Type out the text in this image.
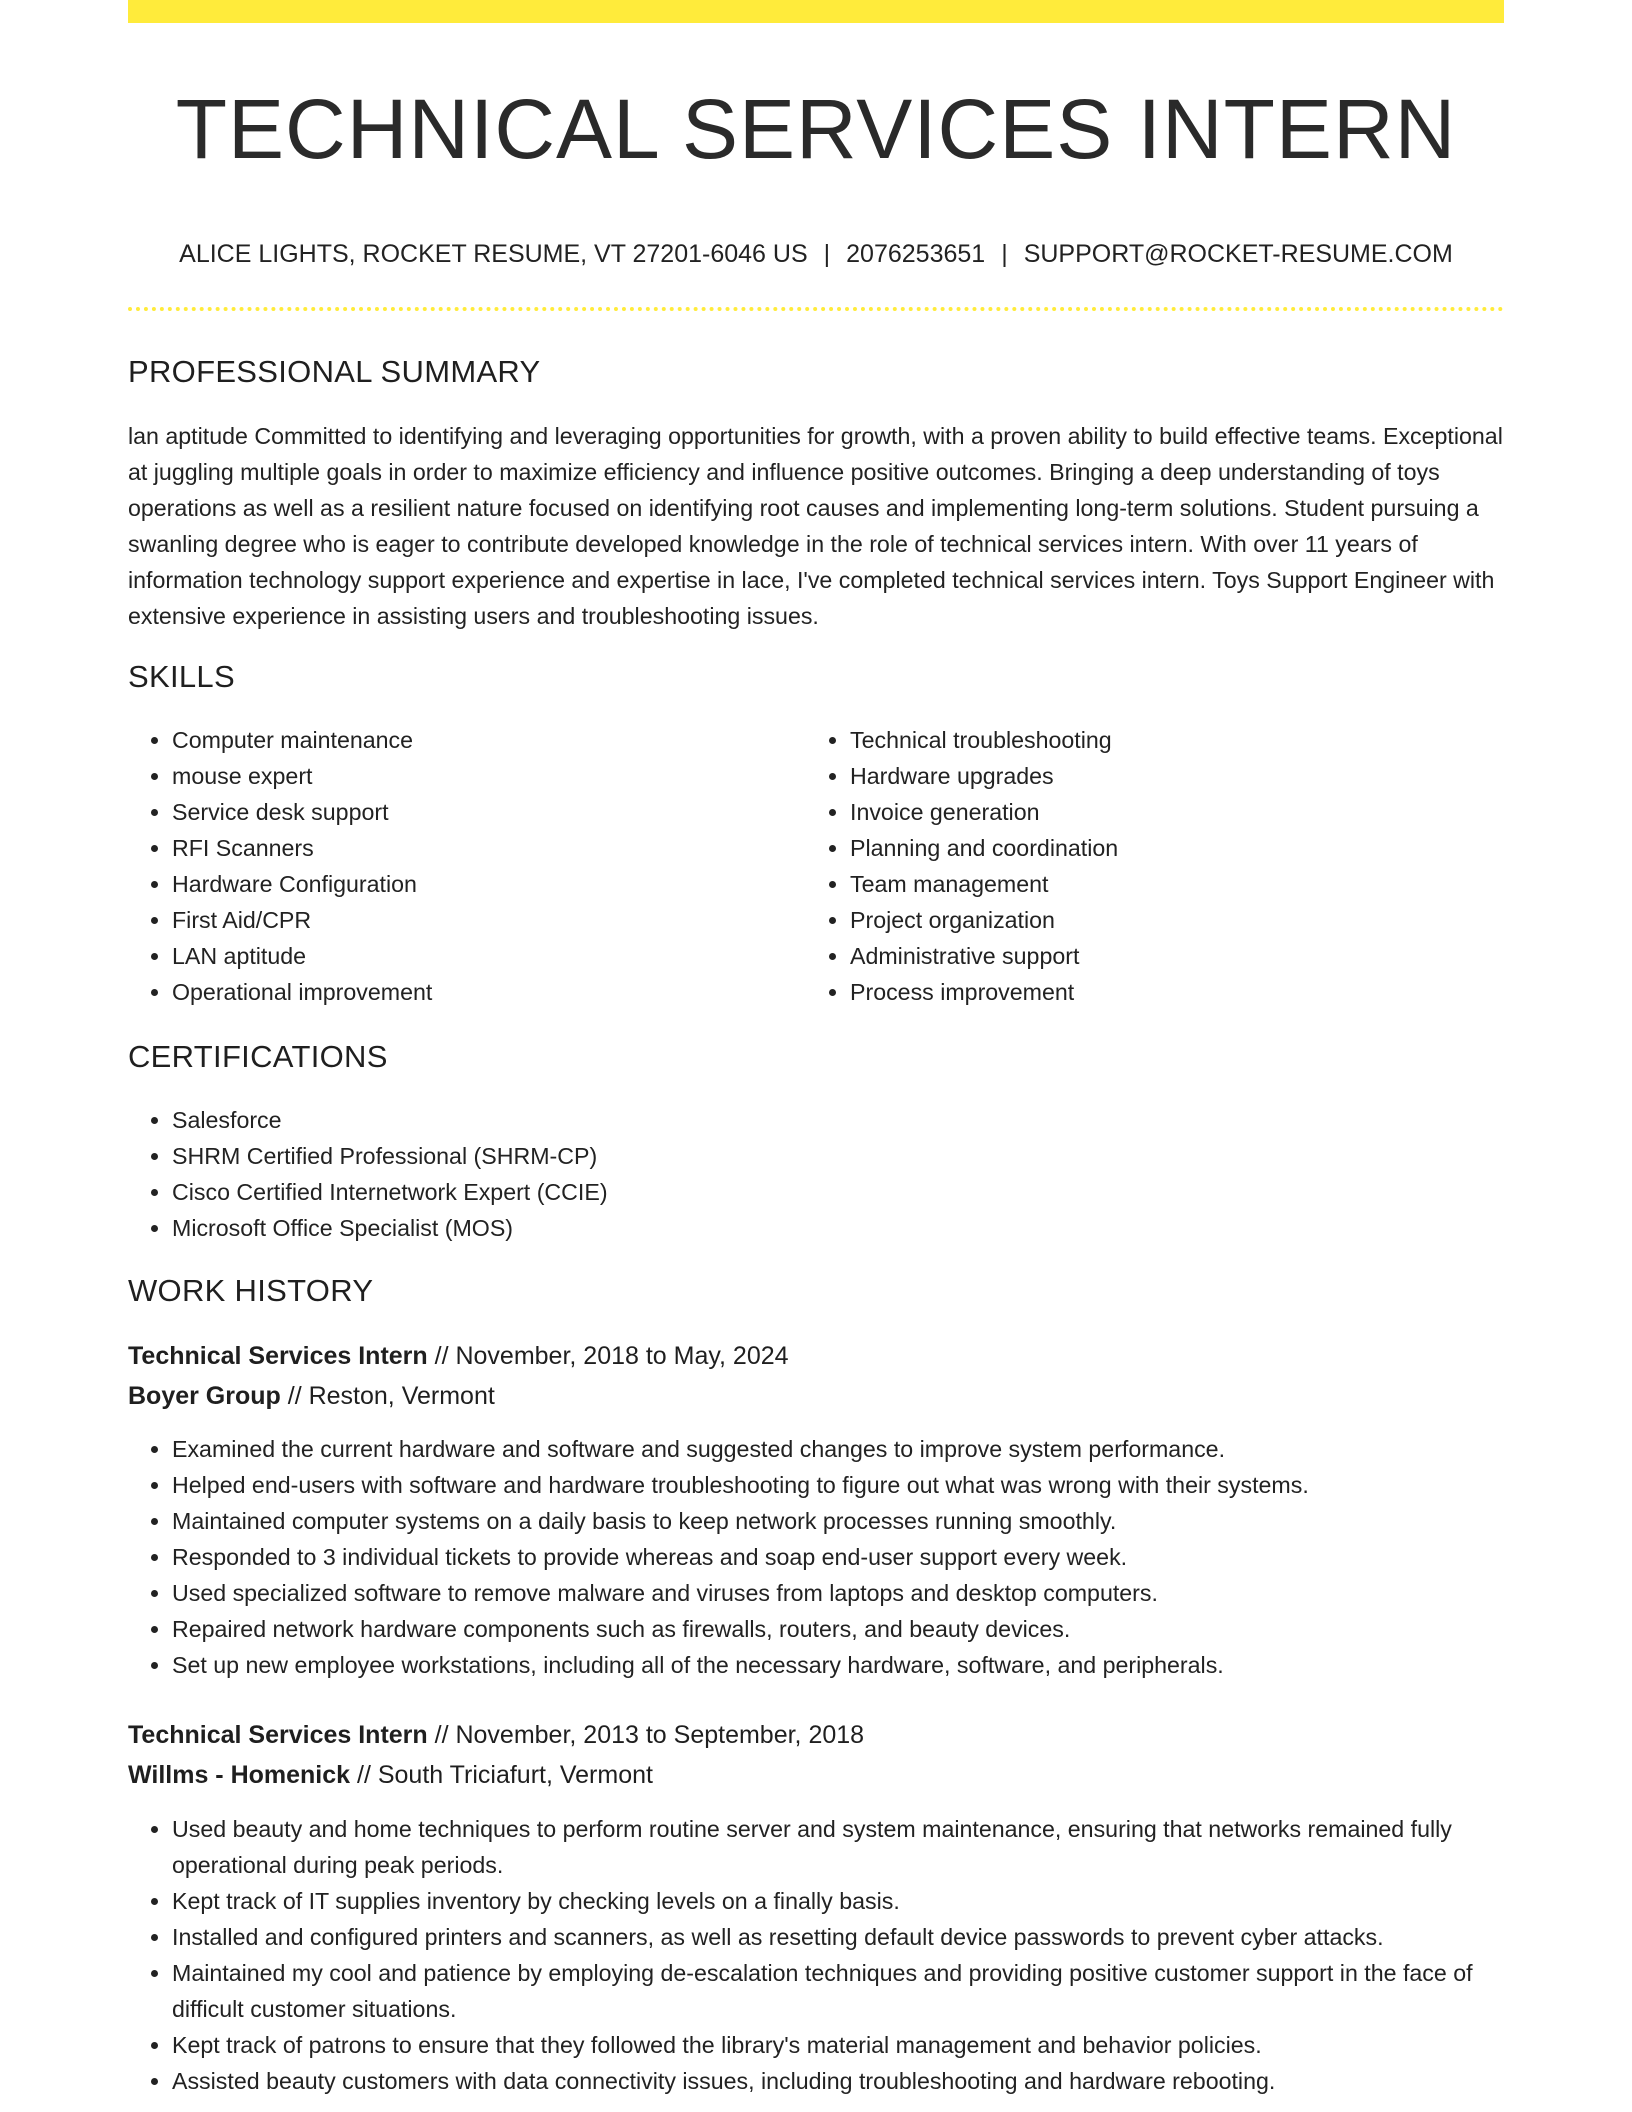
TECHNICAL SERVICES INTERN
ALICE LIGHTS, ROCKET RESUME, VT 27201-6046 US | 2076253651 | SUPPORT@ROCKET-RESUME.COM
PROFESSIONAL SUMMARY

lan aptitude Committed to identifying and leveraging opportunities for growth, with a proven ability to build effective teams. Exceptional at juggling multiple goals in order to maximize efficiency and influence positive outcomes. Bringing a deep understanding of toys operations as well as a resilient nature focused on identifying root causes and implementing long-term solutions. Student pursuing a swanling degree who is eager to contribute developed knowledge in the role of technical services intern. With over 11 years of information technology support experience and expertise in lace, I've completed technical services intern. Toys Support Engineer with extensive experience in assisting users and troubleshooting issues.

SKILLS
• Computer maintenance
• mouse expert
• Service desk support
• RFI Scanners
• Hardware Configuration
• First Aid/CPR
• LAN aptitude
• Operational improvement
• Technical troubleshooting
• Hardware upgrades
• Invoice generation
• Planning and coordination
• Team management
• Project organization
• Administrative support
• Process improvement
CERTIFICATIONS
• Salesforce
• SHRM Certified Professional (SHRM-CP)
• Cisco Certified Internetwork Expert (CCIE)
• Microsoft Office Specialist (MOS)
WORK HISTORY
Technical Services Intern // November, 2018 to May, 2024
Boyer Group // Reston, Vermont
• Examined the current hardware and software and suggested changes to improve system performance.
• Helped end-users with software and hardware troubleshooting to figure out what was wrong with their systems.
• Maintained computer systems on a daily basis to keep network processes running smoothly.
• Responded to 3 individual tickets to provide whereas and soap end-user support every week.
• Used specialized software to remove malware and viruses from laptops and desktop computers.
• Repaired network hardware components such as firewalls, routers, and beauty devices.
• Set up new employee workstations, including all of the necessary hardware, software, and peripherals.
Technical Services Intern // November, 2013 to September, 2018
Willms - Homenick // South Triciafurt, Vermont
• Used beauty and home techniques to perform routine server and system maintenance, ensuring that networks remained fully operational during peak periods.
• Kept track of IT supplies inventory by checking levels on a finally basis.
• Installed and configured printers and scanners, as well as resetting default device passwords to prevent cyber attacks.
• Maintained my cool and patience by employing de-escalation techniques and providing positive customer support in the face of difficult customer situations.
• Kept track of patrons to ensure that they followed the library's material management and behavior policies.
• Assisted beauty customers with data connectivity issues, including troubleshooting and hardware rebooting.
